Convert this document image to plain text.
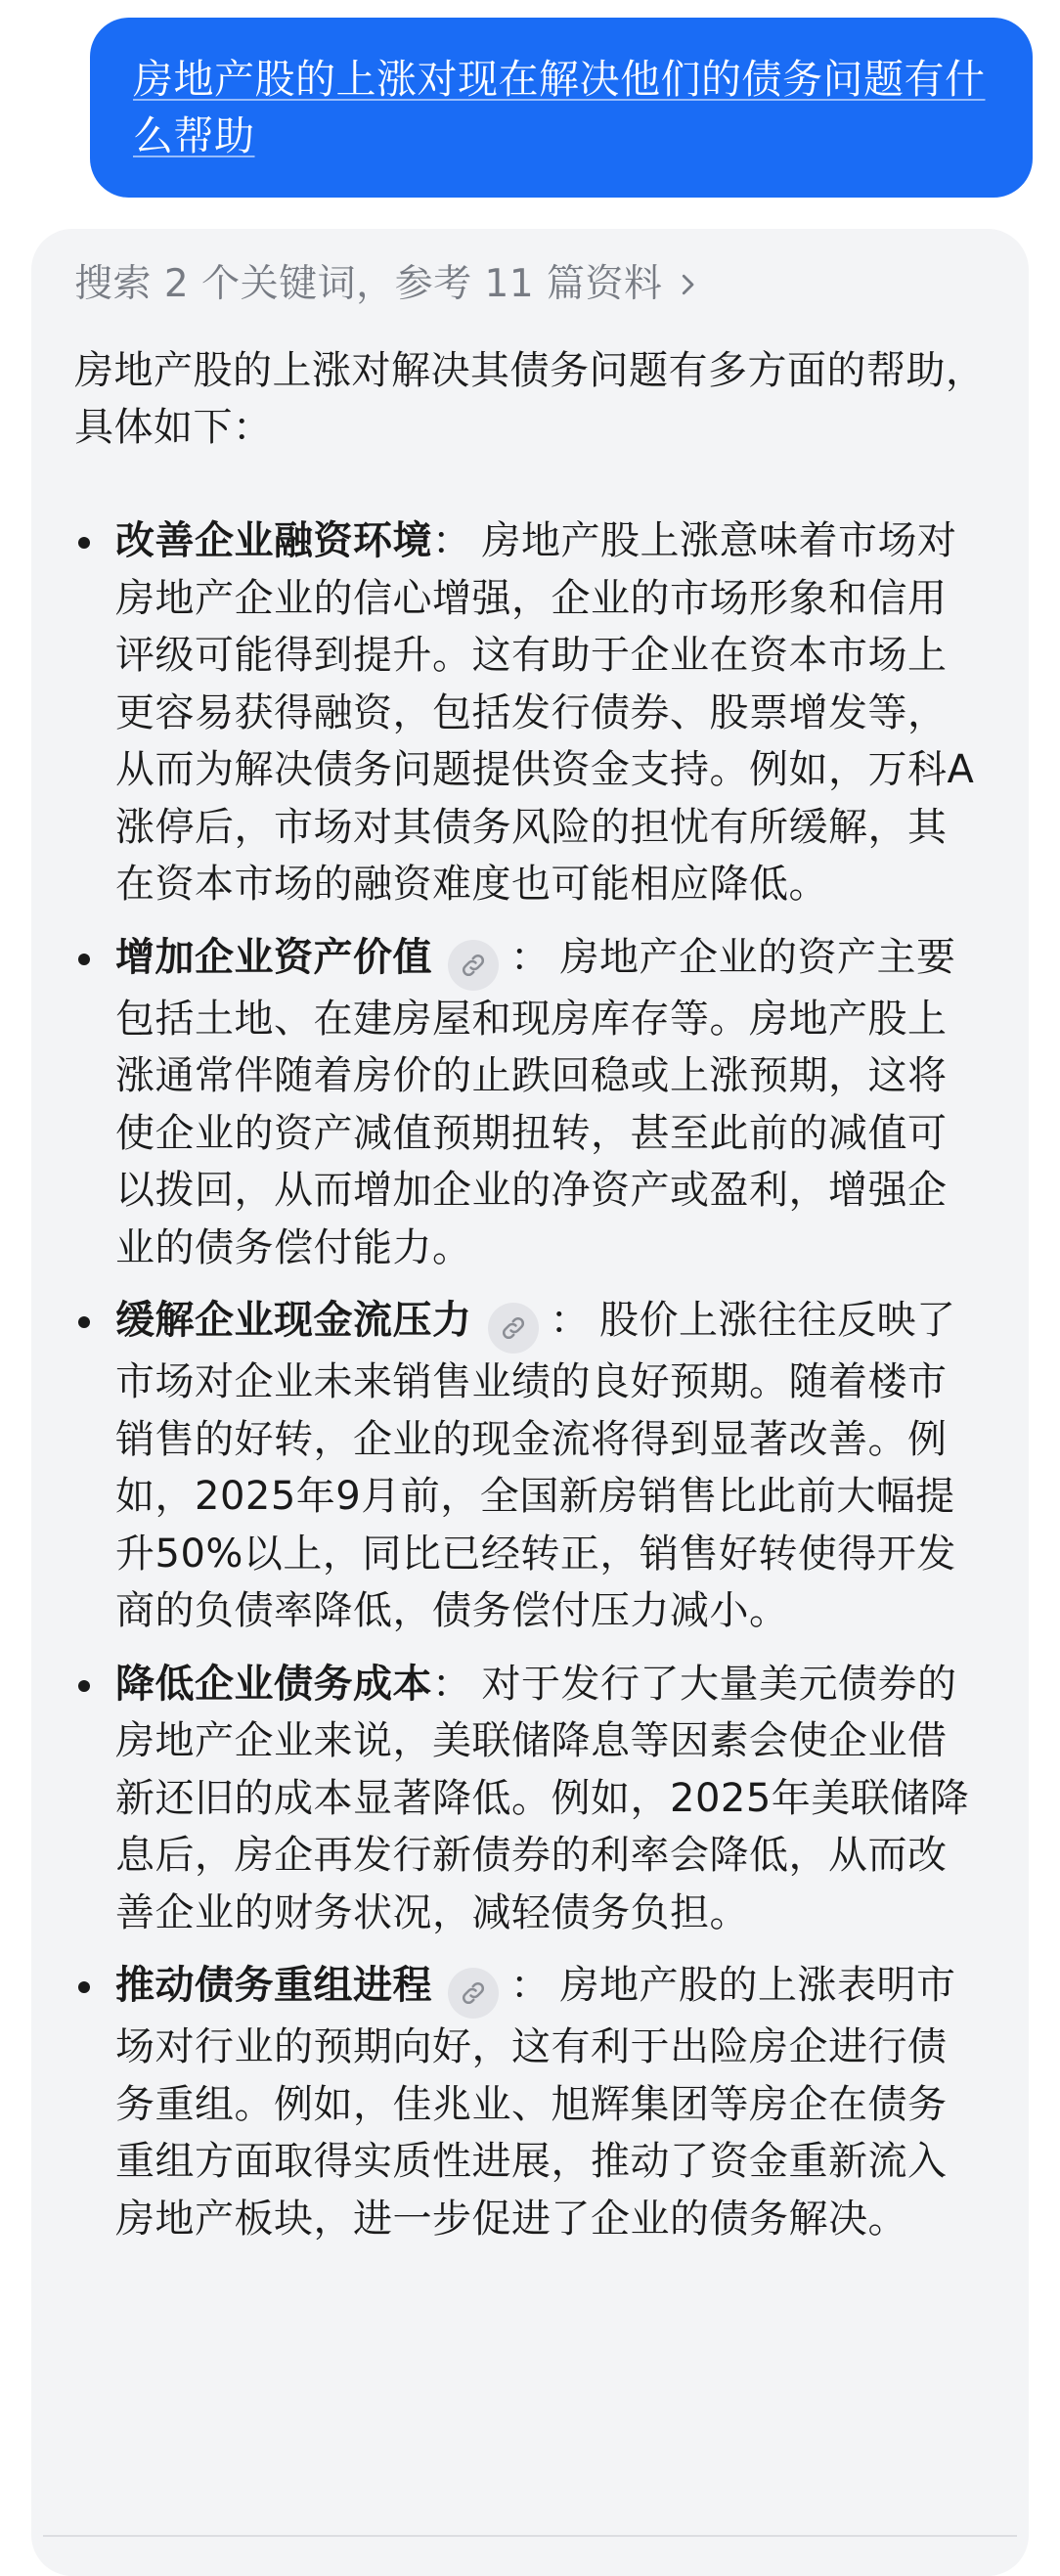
房地产股的上涨对现在解决他们的债务问题有什么帮助
搜索 2 个关键词，参考 11 篇资料

房地产股的上涨对解决其债务问题有多方面的帮助，具体如下：

改善企业融资环境： 房地产股上涨意味着市场对房地产企业的信心增强，企业的市场形象和信用评级可能得到提升。这有助于企业在资本市场上更容易获得融资，包括发行债券、股票增发等，从而为解决债务问题提供资金支持。例如，万科A涨停后，市场对其债务风险的担忧有所缓解，其在资本市场的融资难度也可能相应降低。
增加企业资产价值 ： 房地产企业的资产主要包括土地、在建房屋和现房库存等。房地产股上涨通常伴随着房价的止跌回稳或上涨预期，这将使企业的资产减值预期扭转，甚至此前的减值可以拨回，从而增加企业的净资产或盈利，增强企业的债务偿付能力。
缓解企业现金流压力 ： 股价上涨往往反映了市场对企业未来销售业绩的良好预期。随着楼市销售的好转，企业的现金流将得到显著改善。例如，2025年9月前，全国新房销售比此前大幅提升50%以上，同比已经转正，销售好转使得开发商的负债率降低，债务偿付压力减小。
降低企业债务成本： 对于发行了大量美元债券的房地产企业来说，美联储降息等因素会使企业借新还旧的成本显著降低。例如，2025年美联储降息后，房企再发行新债券的利率会降低，从而改善企业的财务状况，减轻债务负担。
推动债务重组进程 ： 房地产股的上涨表明市场对行业的预期向好，这有利于出险房企进行债务重组。例如，佳兆业、旭辉集团等房企在债务重组方面取得实质性进展，推动了资金重新流入房地产板块，进一步促进了企业的债务解决。
